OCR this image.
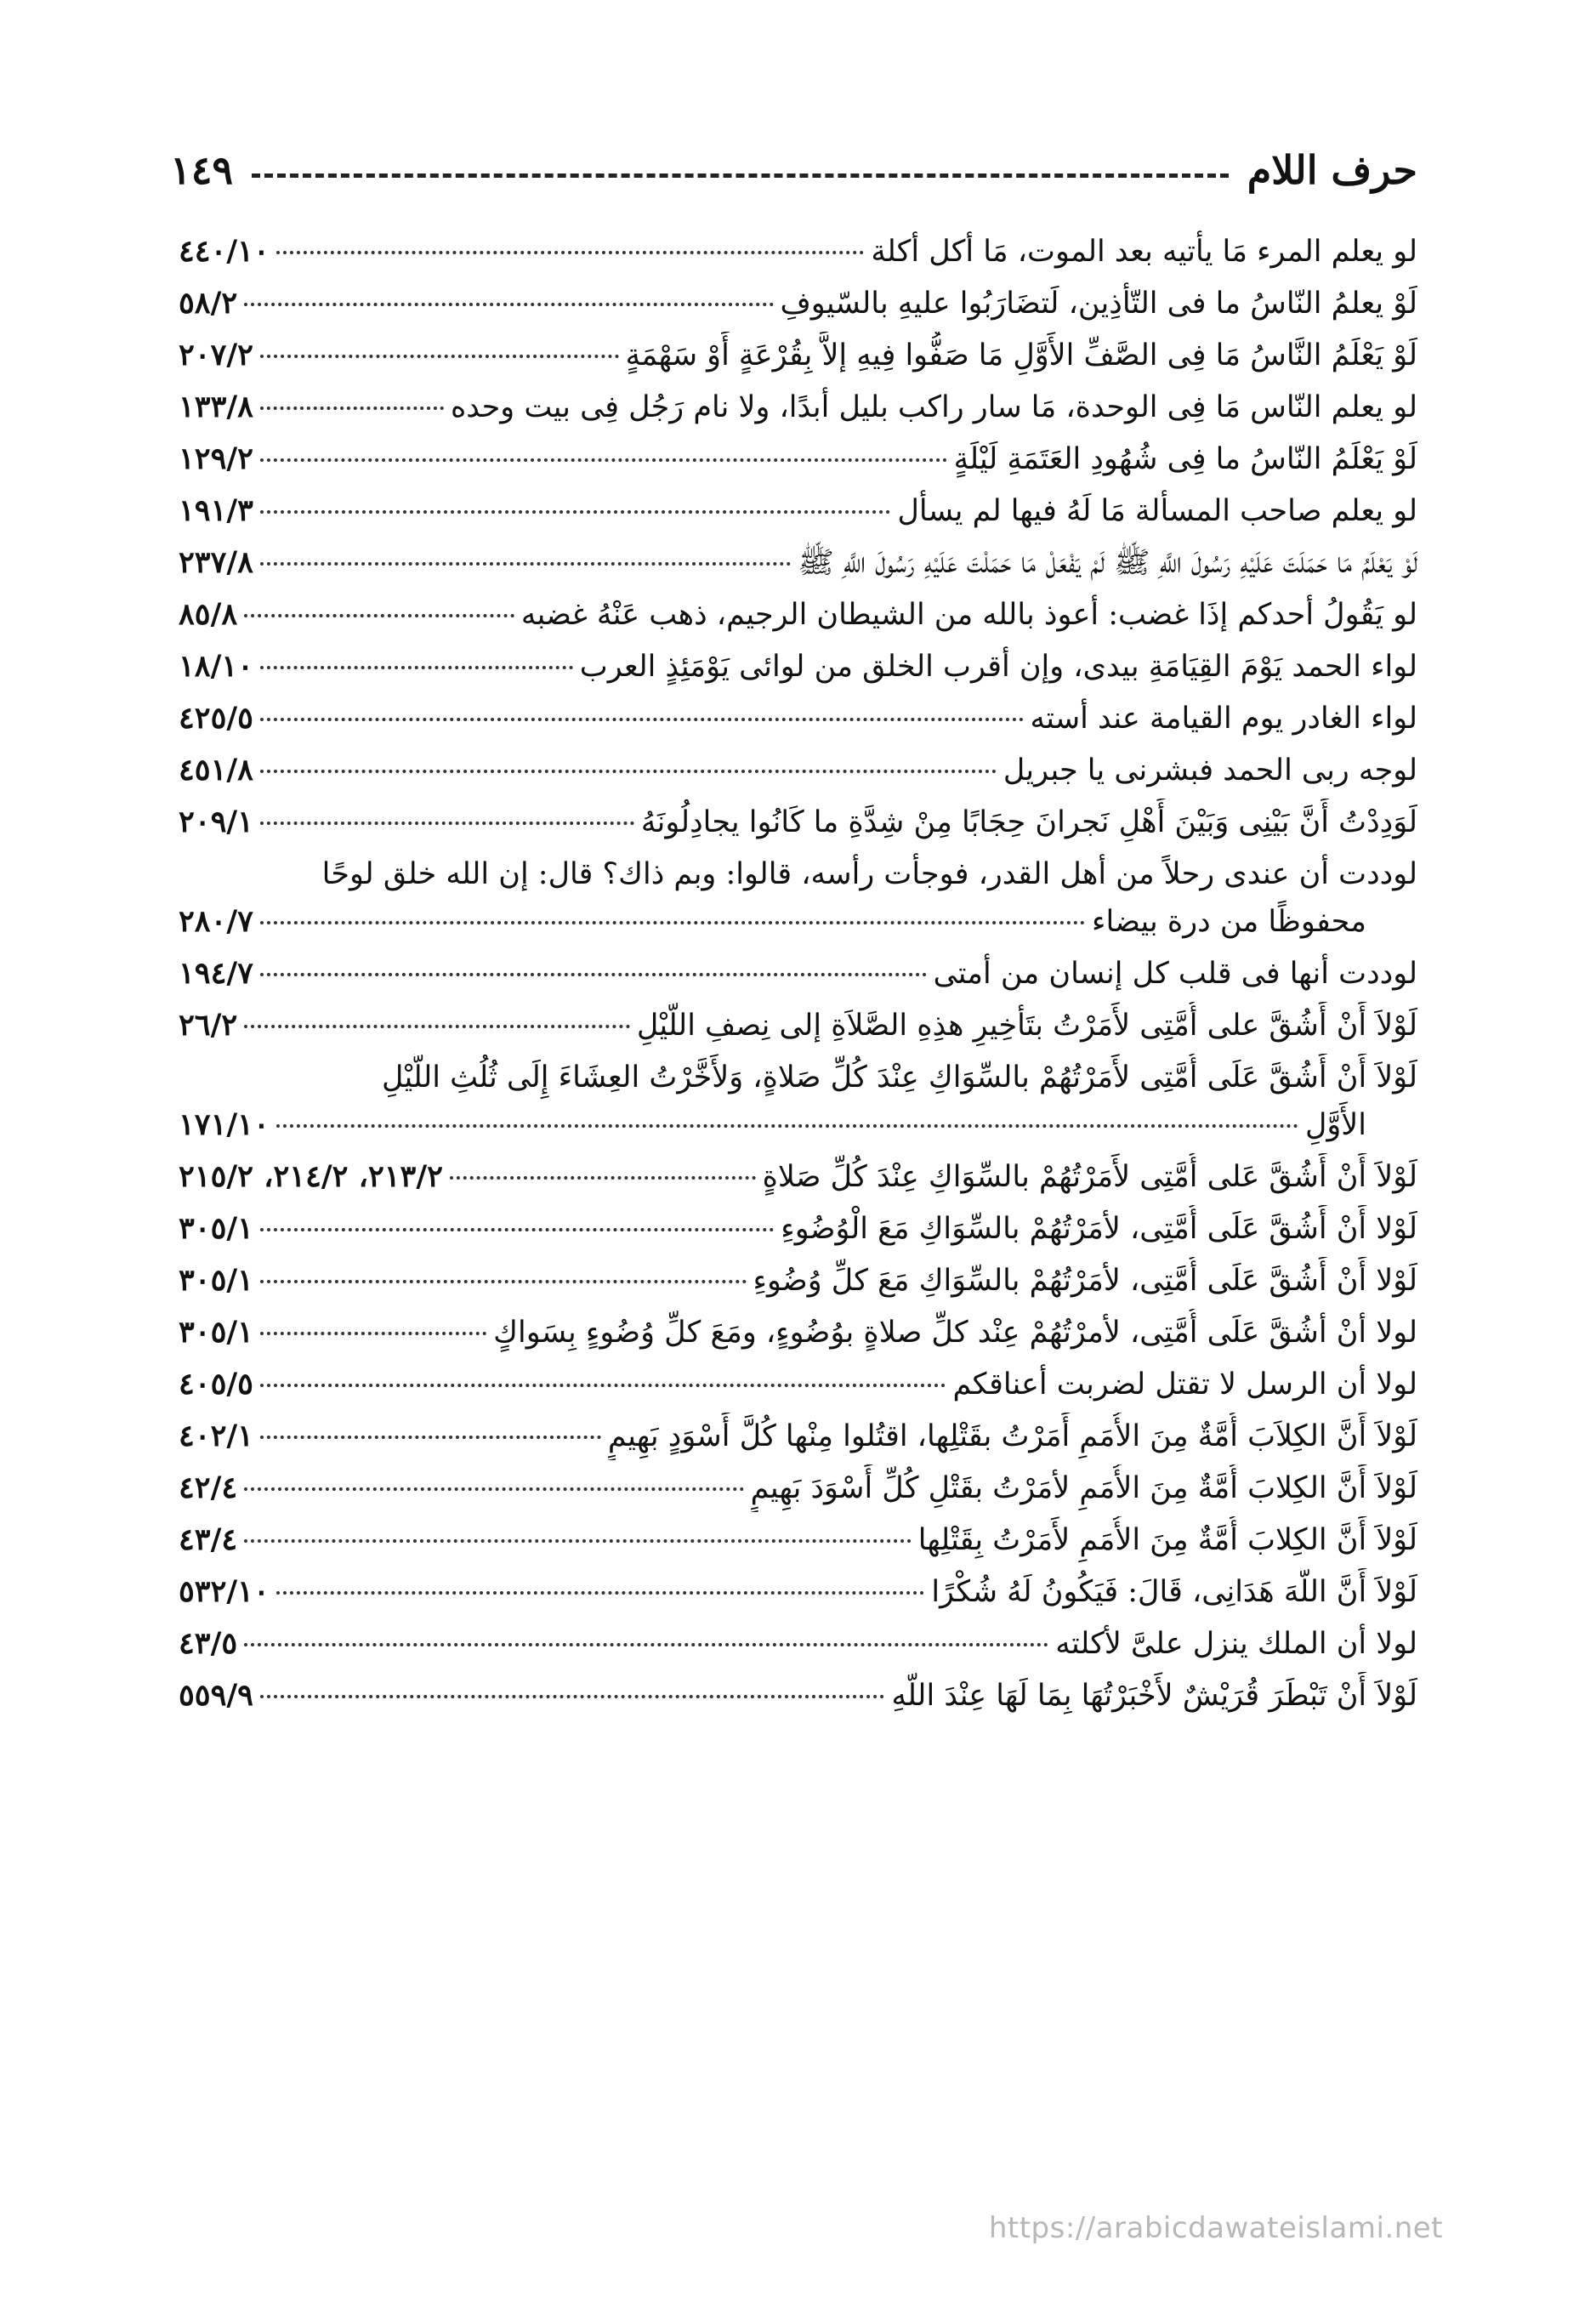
حرف اللام
١٤٩
لو يعلم المرء مَا يأتيه بعد الموت، مَا أكل أكلة
٤٤٠/١٠
لَوْ يعلمُ النّاسُ ما فى التّأذِين، لَتضَارَبُوا عليهِ بالسّيوفِ
٥٨/٢
لَوْ يَعْلَمُ النَّاسُ مَا فِى الصَّفِّ الأَوَّلِ مَا صَفُّوا فِيهِ إلاَّ بِقُرْعَةٍ أَوْ سَهْمَةٍ
٢٠٧/٢
لو يعلم النّاس مَا فِى الوحدة، مَا سار راكب بليل أبدًا، ولا نام رَجُل فِى بيت وحده
١٣٣/٨
لَوْ يَعْلَمُ النّاسُ ما فِى شُهُودِ العَتَمَةِ لَيْلَةٍ
١٢٩/٢
لو يعلم صاحب المسألة مَا لَهُ فيها لم يسأل
١٩١/٣
لَوْ يَعْلَمُ مَا حَمَلَتَ عَلَيْهِ رَسُولَ اللَّهِ ﷺ لَمْ يَفْعَلْ مَا حَمَلْتَ عَلَيْهِ رَسُولَ اللَّهِ ﷺ
٢٣٧/٨
لو يَقُولُ أحدكم إذَا غضب: أعوذ بالله من الشيطان الرجيم، ذهب عَنْهُ غضبه
٨٥/٨
لواء الحمد يَوْمَ القِيَامَةِ بيدى، وإن أقرب الخلق من لوائى يَوْمَئِذٍ العرب
١٨/١٠
لواء الغادر يوم القيامة عند أسته
٤٢٥/٥
لوجه ربى الحمد فبشرنى يا جبريل
٤٥١/٨
لَوَدِدْتُ أَنَّ بَيْنِى وَبَيْنَ أَهْلِ نَجرانَ حِجَابًا مِنْ شِدَّةِ ما كَانُوا يجادِلُونَهُ
٢٠٩/١
لوددت أن عندى رحلاً من أهل القدر، فوجأت رأسه، قالوا: وبم ذاك؟ قال: إن الله خلق لوحًا
محفوظًا من درة بيضاء
٢٨٠/٧
لوددت أنها فى قلب كل إنسان من أمتى
١٩٤/٧
لَوْلاَ أَنْ أَشُقَّ على أُمَّتِى لأَمَرْتُ بتَأخِيرِ هذِهِ الصَّلاَةِ إلى نِصفِ اللَّيْلِ
٢٦/٢
لَوْلاَ أَنْ أَشُقَّ عَلَى أُمَّتِى لأَمَرْتُهُمْ بالسِّوَاكِ عِنْدَ كُلِّ صَلاةٍ، وَلأَخَّرْتُ العِشَاءَ إِلَى ثُلُثِ اللَّيْلِ
الأَوَّلِ
١٧١/١٠
لَوْلاَ أَنْ أَشُقَّ عَلى أُمَّتِى لأَمَرْتُهُمْ بالسِّوَاكِ عِنْدَ كُلِّ صَلاةٍ
٢١٣/٢، ٢١٤/٢، ٢١٥/٢
لَوْلا أَنْ أَشُقَّ عَلَى أُمَّتِى، لأمَرْتُهُمْ بالسِّوَاكِ مَعَ الْوُضُوءِ
٣٠٥/١
لَوْلا أَنْ أَشُقَّ عَلَى أُمَّتِى، لأمَرْتُهُمْ بالسِّوَاكِ مَعَ كلِّ وُضُوءِ
٣٠٥/١
لولا أنْ أشُقَّ عَلَى أُمَّتِى، لأمرْتُهُمْ عِنْد كلِّ صلاةٍ بوُضُوءٍ، ومَعَ كلِّ وُضُوءٍ بِسَواكٍ
٣٠٥/١
لولا أن الرسل لا تقتل لضربت أعناقكم
٤٠٥/٥
لَوْلاَ أَنَّ الكِلاَبَ أُمَّةٌ مِنَ الأُمَمِ أَمَرْتُ بقَتْلِها، اقتُلوا مِنْها كُلَّ أَسْوَدٍ بَهِيمٍ
٤٠٢/١
لَوْلاَ أَنَّ الكِلابَ أُمَّةٌ مِنَ الأُمَمِ لأمَرْتُ بقَتْلِ كُلِّ أَسْوَدَ بَهِيمٍ
٤٢/٤
لَوْلاَ أَنَّ الكِلابَ أُمَّةٌ مِنَ الأُمَمِ لأَمَرْتُ بِقَتْلِها
٤٣/٤
لَوْلاَ أَنَّ اللَّهَ هَدَانِى، قَالَ: فَيَكُونُ لَهُ شُكْرًا
٥٣٢/١٠
لولا أن الملك ينزل علىَّ لأكلته
٤٣/٥
لَوْلاَ أَنْ تَبْطَرَ قُرَيْشٌ لأَخْبَرْتُهَا بِمَا لَهَا عِنْدَ اللَّهِ
٥٥٩/٩
https://arabicdawateislami.net
